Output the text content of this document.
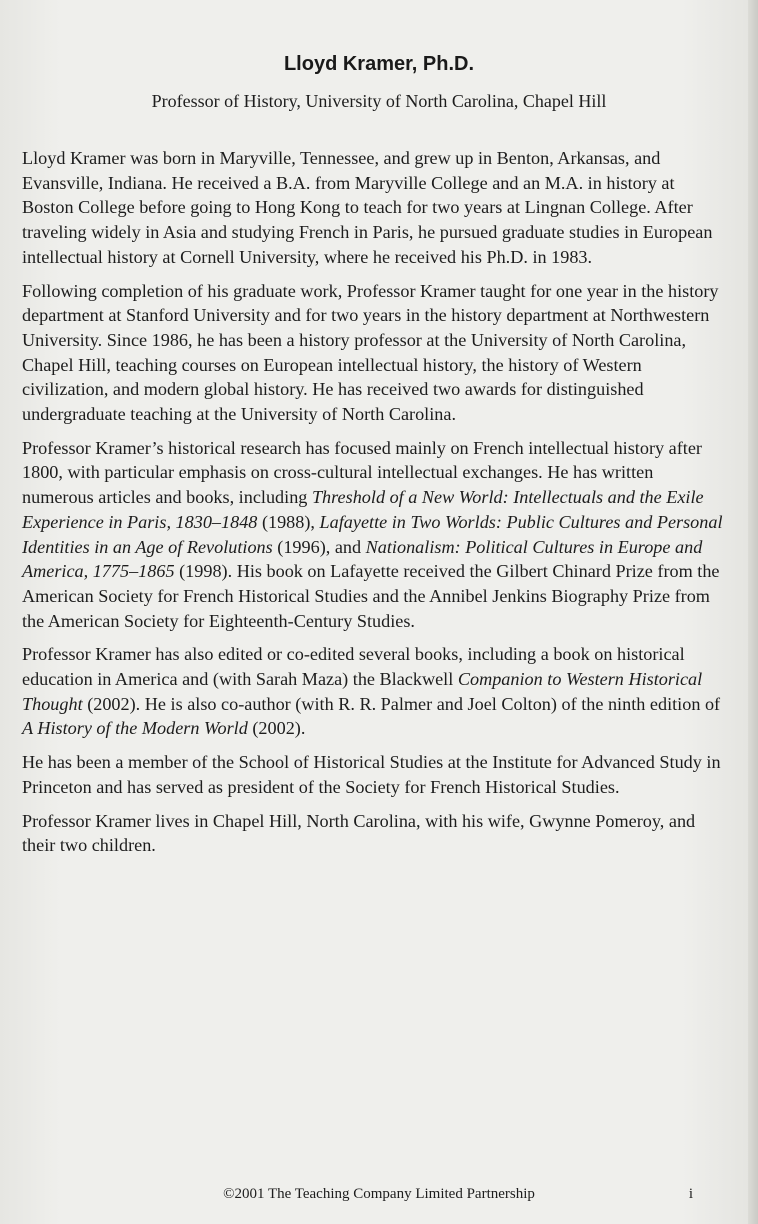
Lloyd Kramer, Ph.D.
Professor of History, University of North Carolina, Chapel Hill

Lloyd Kramer was born in Maryville, Tennessee, and grew up in Benton, Arkansas, and Evansville, Indiana. He received a B.A. from Maryville College and an M.A. in history at Boston College before going to Hong Kong to teach for two years at Lingnan College. After traveling widely in Asia and studying French in Paris, he pursued graduate studies in European intellectual history at Cornell University, where he received his Ph.D. in 1983.

Following completion of his graduate work, Professor Kramer taught for one year in the history department at Stanford University and for two years in the history department at Northwestern University. Since 1986, he has been a history professor at the University of North Carolina, Chapel Hill, teaching courses on European intellectual history, the history of Western civilization, and modern global history. He has received two awards for distinguished undergraduate teaching at the University of North Carolina.

Professor Kramer’s historical research has focused mainly on French intellectual history after 1800, with particular emphasis on cross-cultural intellectual exchanges. He has written numerous articles and books, including Threshold of a New World: Intellectuals and the Exile Experience in Paris, 1830–1848 (1988), Lafayette in Two Worlds: Public Cultures and Personal Identities in an Age of Revolutions (1996), and Nationalism: Political Cultures in Europe and America, 1775–1865 (1998). His book on Lafayette received the Gilbert Chinard Prize from the American Society for French Historical Studies and the Annibel Jenkins Biography Prize from the American Society for Eighteenth-Century Studies.

Professor Kramer has also edited or co-edited several books, including a book on historical education in America and (with Sarah Maza) the Blackwell Companion to Western Historical Thought (2002). He is also co-author (with R. R. Palmer and Joel Colton) of the ninth edition of A History of the Modern World (2002).

He has been a member of the School of Historical Studies at the Institute for Advanced Study in Princeton and has served as president of the Society for French Historical Studies.

Professor Kramer lives in Chapel Hill, North Carolina, with his wife, Gwynne Pomeroy, and their two children.

©2001 The Teaching Company Limited Partnership	i
